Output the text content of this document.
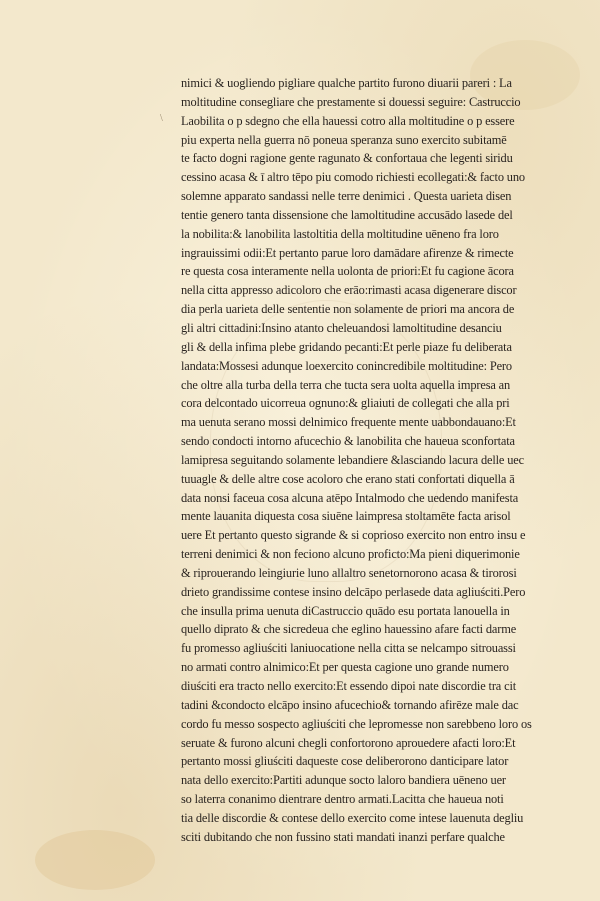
\
nimici & uogliendo pigliare qualche partito furono diuarii pareri : La
moltitudine consegliare che prestamente si douessi seguire: Castruccio
Laobilita o p sdegno che ella hauessi cotro alla moltitudine o p essere
piu experta nella guerra nō poneua speranza suno exercito subitamē
te facto dogni ragione gente ragunato & confortaua che legenti siridu
cessino acasa & ī altro tēpo piu comodo richiesti ecollegati:& facto uno
solemne apparato sandassi nelle terre denimici . Questa uarieta disen
tentie genero tanta dissensione che lamoltitudine accusādo lasede del
la nobilita:& lanobilita lastoltitia della moltitudine uēneno fra loro
ingrauissimi odii:Et pertanto parue loro damādare afirenze & rimecte
re questa cosa interamente nella uolonta de priori:Et fu cagione ācora
nella citta appresso adicoloro che erāo:rimasti acasa digenerare discor
dia perla uarieta delle sententie non solamente de priori ma ancora de
gli altri cittadini:Insino atanto cheleuandosi lamoltitudine desanciu
gli & della infima plebe gridando pecanti:Et perle piaze fu deliberata
landata:Mossesi adunque loexercito conincredibile moltitudine: Pero
che oltre alla turba della terra che tucta sera uolta aquella impresa an
cora delcontado uicorreua ognuno:& gliaiuti de collegati che alla pri
ma uenuta serano mossi delnimico frequente mente uabbondauano:Et
sendo condocti intorno afucechio & lanobilita che haueua sconfortata
lamipresa seguitando solamente lebandiere &lasciando lacura delle uec
tuuagle & delle altre cose acoloro che erano stati confortati diquella ā
data nonsi faceua cosa alcuna atēpo Intalmodo che uedendo manifesta
mente lauanita diquesta cosa siuēne laimpresa stoltamēte facta arisol
uere Et pertanto questo sigrande & si coprioso exercito non entro insu e
terreni denimici & non feciono alcuno proficto:Ma pieni diquerimonie
& riprouerando leingiurie luno allaltro senetornorono acasa & tirorosi
drieto grandissime contese insino delcāpo perlasede data agliuściti.Pero
che insulla prima uenuta diCastruccio quādo esu portata lanouella in
quello diprato & che sicredeua che eglino hauessino afare facti darme
fu promesso agliuściti laniuocatione nella citta se nelcampo sitrouassi
no armati contro alnimico:Et per questa cagione uno grande numero
diuściti era tracto nello exercito:Et essendo dipoi nate discordie tra cit
tadini &condocto elcāpo insino afucechio& tornando afirēze male dac
cordo fu messo sospecto agliuściti che lepromesse non sarebbeno loro os
seruate & furono alcuni chegli confortorono aprouedere afacti loro:Et
pertanto mossi gliuściti daqueste cose deliberorono danticipare lator
nata dello exercito:Partiti adunque socto laloro bandiera uēneno uer
so laterra conanimo dientrare dentro armati.Lacitta che haueua noti
tia delle discordie & contese dello exercito come intese lauenuta degliu
sciti dubitando che non fussino stati mandati inanzi perfare qualche
